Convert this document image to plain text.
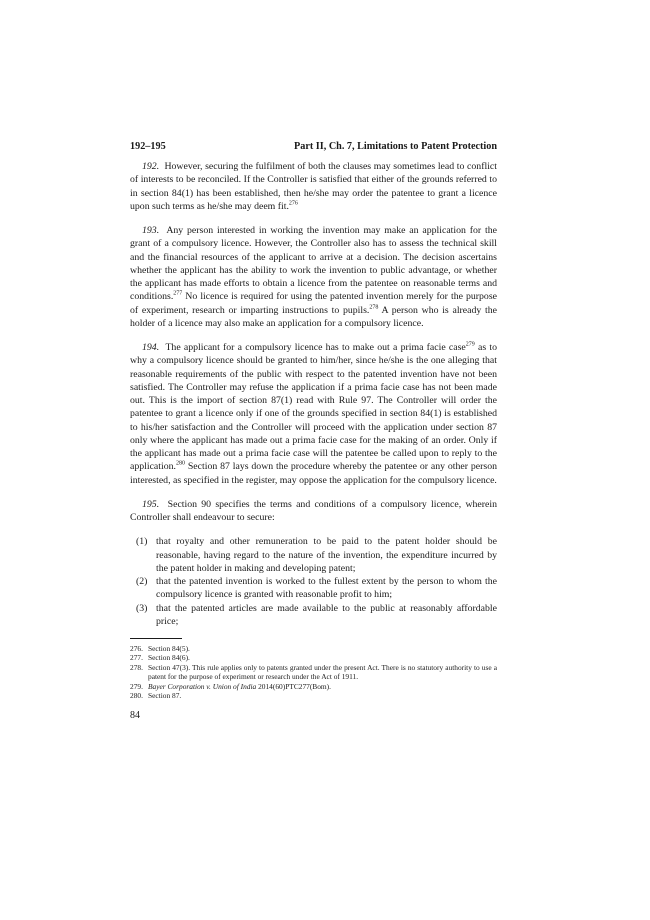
192–195	Part II, Ch. 7, Limitations to Patent Protection

192. However, securing the fulfilment of both the clauses may sometimes lead to conflict of interests to be reconciled. If the Controller is satisfied that either of the grounds referred to in section 84(1) has been established, then he/she may order the patentee to grant a licence upon such terms as he/she may deem fit.$^{276}$

193. Any person interested in working the invention may make an application for the grant of a compulsory licence. However, the Controller also has to assess the technical skill and the financial resources of the applicant to arrive at a decision. The decision ascertains whether the applicant has the ability to work the invention to public advantage, or whether the applicant has made efforts to obtain a licence from the patentee on reasonable terms and conditions.$^{277}$ No licence is required for using the patented invention merely for the purpose of experiment, research or imparting instructions to pupils.$^{278}$ A person who is already the holder of a licence may also make an application for a compulsory licence.

194. The applicant for a compulsory licence has to make out a prima facie case$^{279}$ as to why a compulsory licence should be granted to him/her, since he/she is the one alleging that reasonable requirements of the public with respect to the patented invention have not been satisfied. The Controller may refuse the application if a prima facie case has not been made out. This is the import of section 87(1) read with Rule 97. The Controller will order the patentee to grant a licence only if one of the grounds specified in section 84(1) is established to his/her satisfaction and the Controller will proceed with the application under section 87 only where the applicant has made out a prima facie case for the making of an order. Only if the applicant has made out a prima facie case will the patentee be called upon to reply to the application.$^{280}$ Section 87 lays down the procedure whereby the patentee or any other person interested, as specified in the register, may oppose the application for the compulsory licence.

195. Section 90 specifies the terms and conditions of a compulsory licence, wherein Controller shall endeavour to secure:

(1) that royalty and other remuneration to be paid to the patent holder should be reasonable, having regard to the nature of the invention, the expenditure incurred by the patent holder in making and developing patent;
(2) that the patented invention is worked to the fullest extent by the person to whom the compulsory licence is granted with reasonable profit to him;
(3) that the patented articles are made available to the public at reasonably affordable price;
276. Section 84(5).
277. Section 84(6).
278. Section 47(3). This rule applies only to patents granted under the present Act. There is no statutory authority to use a patent for the purpose of experiment or research under the Act of 1911.
279. Bayer Corporation v. Union of India 2014(60)PTC277(Bom).
280. Section 87.
84
